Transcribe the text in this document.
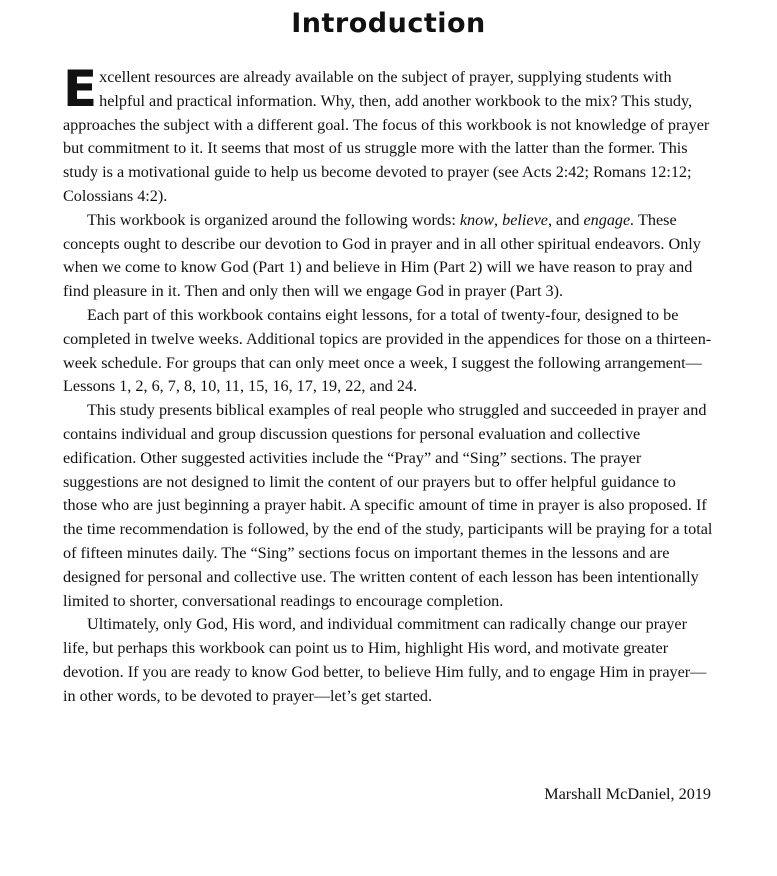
Introduction

Excellent resources are already available on the subject of prayer, supplying students with helpful and practical information. Why, then, add another workbook to the mix? This study, approaches the subject with a different goal. The focus of this workbook is not knowledge of prayer but commitment to it. It seems that most of us struggle more with the latter than the former. This study is a motivational guide to help us become devoted to prayer (see Acts 2:42; Romans 12:12; Colossians 4:2).

This workbook is organized around the following words: know, believe, and engage. These concepts ought to describe our devotion to God in prayer and in all other spiritual endeavors. Only when we come to know God (Part 1) and believe in Him (Part 2) will we have reason to pray and find pleasure in it. Then and only then will we engage God in prayer (Part 3).

Each part of this workbook contains eight lessons, for a total of twenty-four, designed to be completed in twelve weeks. Additional topics are provided in the appendices for those on a thirteen-week schedule. For groups that can only meet once a week, I suggest the following arrangement—Lessons 1, 2, 6, 7, 8, 10, 11, 15, 16, 17, 19, 22, and 24.

This study presents biblical examples of real people who struggled and succeeded in prayer and contains individual and group discussion questions for personal evaluation and collective edification. Other suggested activities include the “Pray” and “Sing” sections. The prayer suggestions are not designed to limit the content of our prayers but to offer helpful guidance to those who are just beginning a prayer habit. A specific amount of time in prayer is also proposed. If the time recommendation is followed, by the end of the study, participants will be praying for a total of fifteen minutes daily. The “Sing” sections focus on important themes in the lessons and are designed for personal and collective use. The written content of each lesson has been intentionally limited to shorter, conversational readings to encourage completion.

Ultimately, only God, His word, and individual commitment can radically change our prayer life, but perhaps this workbook can point us to Him, highlight His word, and motivate greater devotion. If you are ready to know God better, to believe Him fully, and to engage Him in prayer—in other words, to be devoted to prayer—let’s get started.

Marshall McDaniel, 2019
